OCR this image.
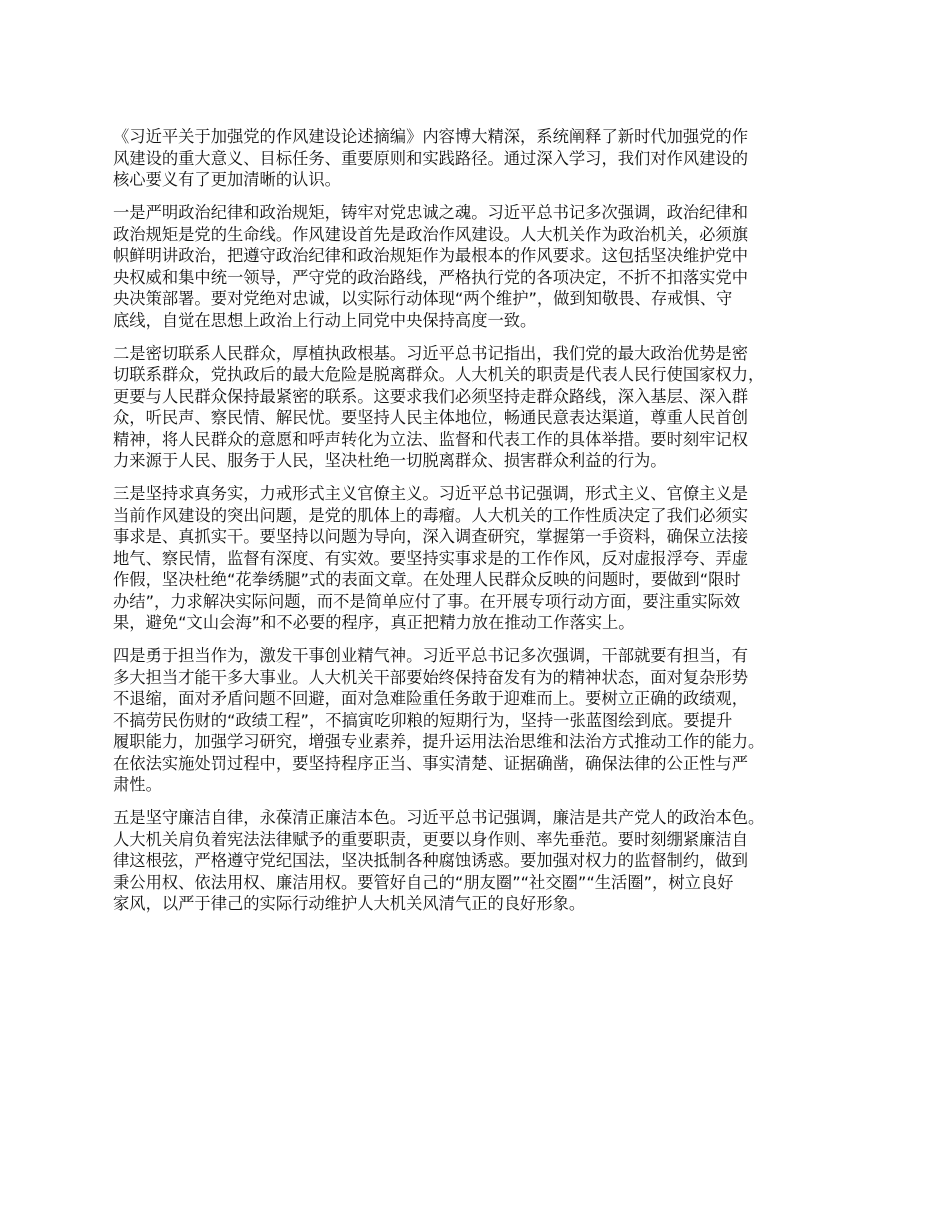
《习近平关于加强党的作风建设论述摘编》内容博大精深，系统阐释了新时代加强党的作
风建设的重大意义、目标任务、重要原则和实践路径。通过深入学习，我们对作风建设的
核心要义有了更加清晰的认识。

一是严明政治纪律和政治规矩，铸牢对党忠诚之魂。习近平总书记多次强调，政治纪律和
政治规矩是党的生命线。作风建设首先是政治作风建设。人大机关作为政治机关，必须旗
帜鲜明讲政治，把遵守政治纪律和政治规矩作为最根本的作风要求。这包括坚决维护党中
央权威和集中统一领导，严守党的政治路线，严格执行党的各项决定，不折不扣落实党中
央决策部署。要对党绝对忠诚，以实际行动体现“两个维护”，做到知敬畏、存戒惧、守
底线，自觉在思想上政治上行动上同党中央保持高度一致。

二是密切联系人民群众，厚植执政根基。习近平总书记指出，我们党的最大政治优势是密
切联系群众，党执政后的最大危险是脱离群众。人大机关的职责是代表人民行使国家权力，
更要与人民群众保持最紧密的联系。这要求我们必须坚持走群众路线，深入基层、深入群
众，听民声、察民情、解民忧。要坚持人民主体地位，畅通民意表达渠道，尊重人民首创
精神，将人民群众的意愿和呼声转化为立法、监督和代表工作的具体举措。要时刻牢记权
力来源于人民、服务于人民，坚决杜绝一切脱离群众、损害群众利益的行为。

三是坚持求真务实，力戒形式主义官僚主义。习近平总书记强调，形式主义、官僚主义是
当前作风建设的突出问题，是党的肌体上的毒瘤。人大机关的工作性质决定了我们必须实
事求是、真抓实干。要坚持以问题为导向，深入调查研究，掌握第一手资料，确保立法接
地气、察民情，监督有深度、有实效。要坚持实事求是的工作作风，反对虚报浮夸、弄虚
作假，坚决杜绝“花拳绣腿”式的表面文章。在处理人民群众反映的问题时，要做到“限时
办结”，力求解决实际问题，而不是简单应付了事。在开展专项行动方面，要注重实际效
果，避免“文山会海”和不必要的程序，真正把精力放在推动工作落实上。

四是勇于担当作为，激发干事创业精气神。习近平总书记多次强调，干部就要有担当，有
多大担当才能干多大事业。人大机关干部要始终保持奋发有为的精神状态，面对复杂形势
不退缩，面对矛盾问题不回避，面对急难险重任务敢于迎难而上。要树立正确的政绩观，
不搞劳民伤财的“政绩工程”，不搞寅吃卯粮的短期行为，坚持一张蓝图绘到底。要提升
履职能力，加强学习研究，增强专业素养，提升运用法治思维和法治方式推动工作的能力。
在依法实施处罚过程中，要坚持程序正当、事实清楚、证据确凿，确保法律的公正性与严
肃性。

五是坚守廉洁自律，永葆清正廉洁本色。习近平总书记强调，廉洁是共产党人的政治本色。
人大机关肩负着宪法法律赋予的重要职责，更要以身作则、率先垂范。要时刻绷紧廉洁自
律这根弦，严格遵守党纪国法，坚决抵制各种腐蚀诱惑。要加强对权力的监督制约，做到
秉公用权、依法用权、廉洁用权。要管好自己的“朋友圈”“社交圈”“生活圈”，树立良好
家风，以严于律己的实际行动维护人大机关风清气正的良好形象。
